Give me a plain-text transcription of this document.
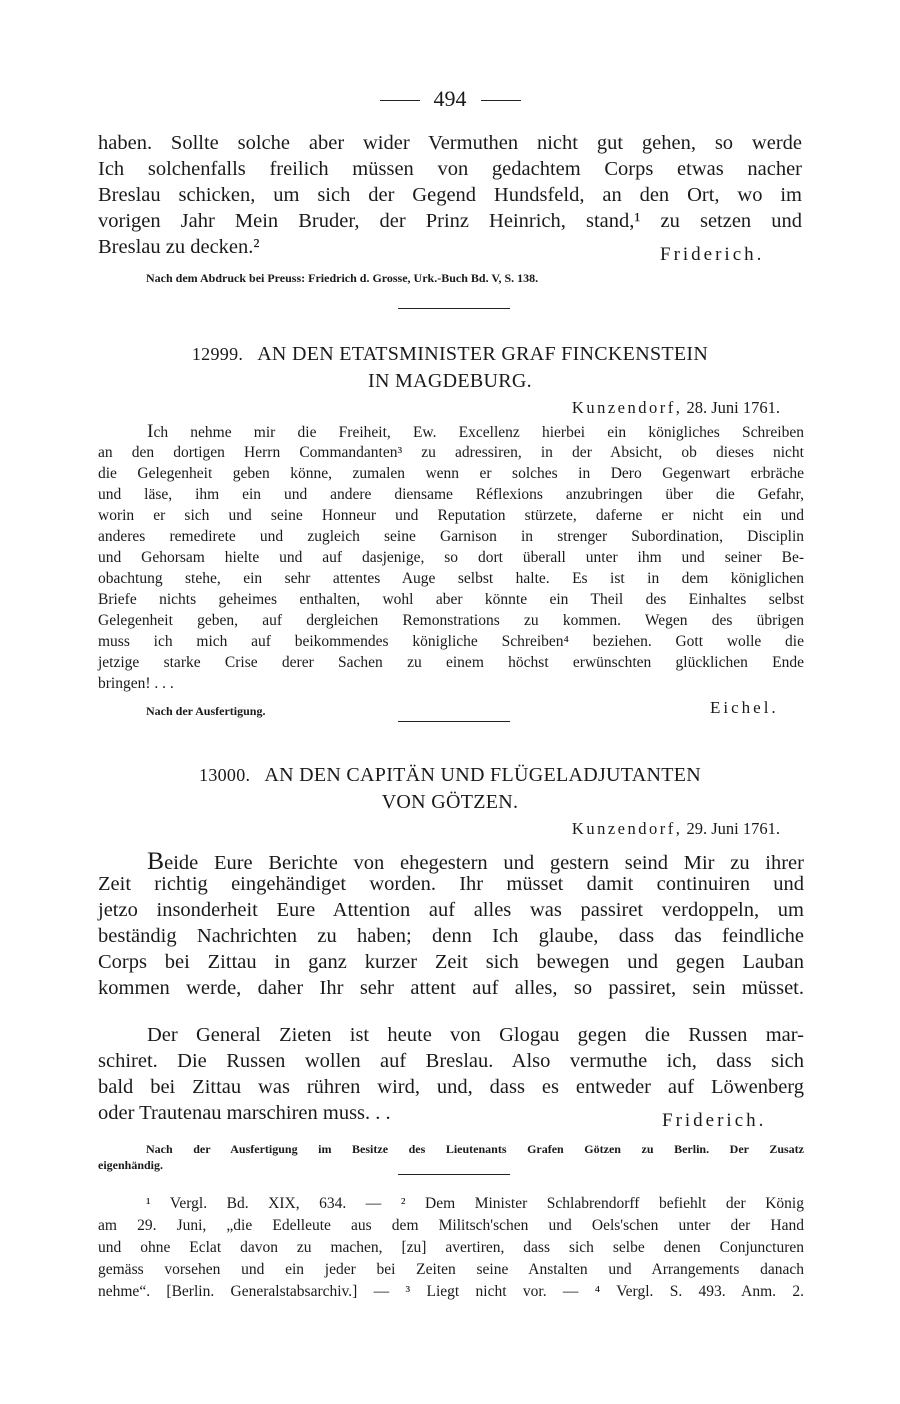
494
haben. Sollte solche aber wider Vermuthen nicht gut gehen, so werde
Ich solchenfalls freilich müssen von gedachtem Corps etwas nacher
Breslau schicken, um sich der Gegend Hundsfeld, an den Ort, wo im
vorigen Jahr Mein Bruder, der Prinz Heinrich, stand,¹ zu setzen und
Breslau zu decken.²	Friderich.
Nach dem Abdruck bei Preuss: Friedrich d. Grosse, Urk.-Buch Bd. V, S. 138.
12999. AN DEN ETATSMINISTER GRAF FINCKENSTEIN
IN MAGDEBURG.
Kunzendorf, 28. Juni 1761.
Ich nehme mir die Freiheit, Ew. Excellenz hierbei ein königliches Schreiben
an den dortigen Herrn Commandanten³ zu adressiren, in der Absicht, ob dieses nicht
die Gelegenheit geben könne, zumalen wenn er solches in Dero Gegenwart erbräche
und läse, ihm ein und andere diensame Réflexions anzubringen über die Gefahr,
worin er sich und seine Honneur und Reputation stürzete, daferne er nicht ein und
anderes remedirete und zugleich seine Garnison in strenger Subordination, Disciplin
und Gehorsam hielte und auf dasjenige, so dort überall unter ihm und seiner Be-
obachtung stehe, ein sehr attentes Auge selbst halte. Es ist in dem königlichen
Briefe nichts geheimes enthalten, wohl aber könnte ein Theil des Einhaltes selbst
Gelegenheit geben, auf dergleichen Remonstrations zu kommen. Wegen des übrigen
muss ich mich auf beikommendes königliche Schreiben⁴ beziehen. Gott wolle die
jetzige starke Crise derer Sachen zu einem höchst erwünschten glücklichen Ende
bringen! . . .
Nach der Ausfertigung.	Eichel.
13000. AN DEN CAPITÄN UND FLÜGELADJUTANTEN
VON GÖTZEN.
Kunzendorf, 29. Juni 1761.
Beide Eure Berichte von ehegestern und gestern seind Mir zu ihrer
Zeit richtig eingehändiget worden. Ihr müsset damit continuiren und
jetzo insonderheit Eure Attention auf alles was passiret verdoppeln, um
beständig Nachrichten zu haben; denn Ich glaube, dass das feindliche
Corps bei Zittau in ganz kurzer Zeit sich bewegen und gegen Lauban
kommen werde, daher Ihr sehr attent auf alles, so passiret, sein müsset.
Der General Zieten ist heute von Glogau gegen die Russen mar-
schiret. Die Russen wollen auf Breslau. Also vermuthe ich, dass sich
bald bei Zittau was rühren wird, und, dass es entweder auf Löwenberg
oder Trautenau marschiren muss. . .	Friderich.
Nach der Ausfertigung im Besitze des Lieutenants Grafen Götzen zu Berlin. Der Zusatz
eigenhändig.
¹ Vergl. Bd. XIX, 634. — ² Dem Minister Schlabrendorff befiehlt der König
am 29. Juni, „die Edelleute aus dem Militsch'schen und Oels'schen unter der Hand
und ohne Eclat davon zu machen, [zu] avertiren, dass sich selbe denen Conjuncturen
gemäss vorsehen und ein jeder bei Zeiten seine Anstalten und Arrangements danach
nehme“. [Berlin. Generalstabsarchiv.] — ³ Liegt nicht vor. — ⁴ Vergl. S. 493. Anm. 2.
